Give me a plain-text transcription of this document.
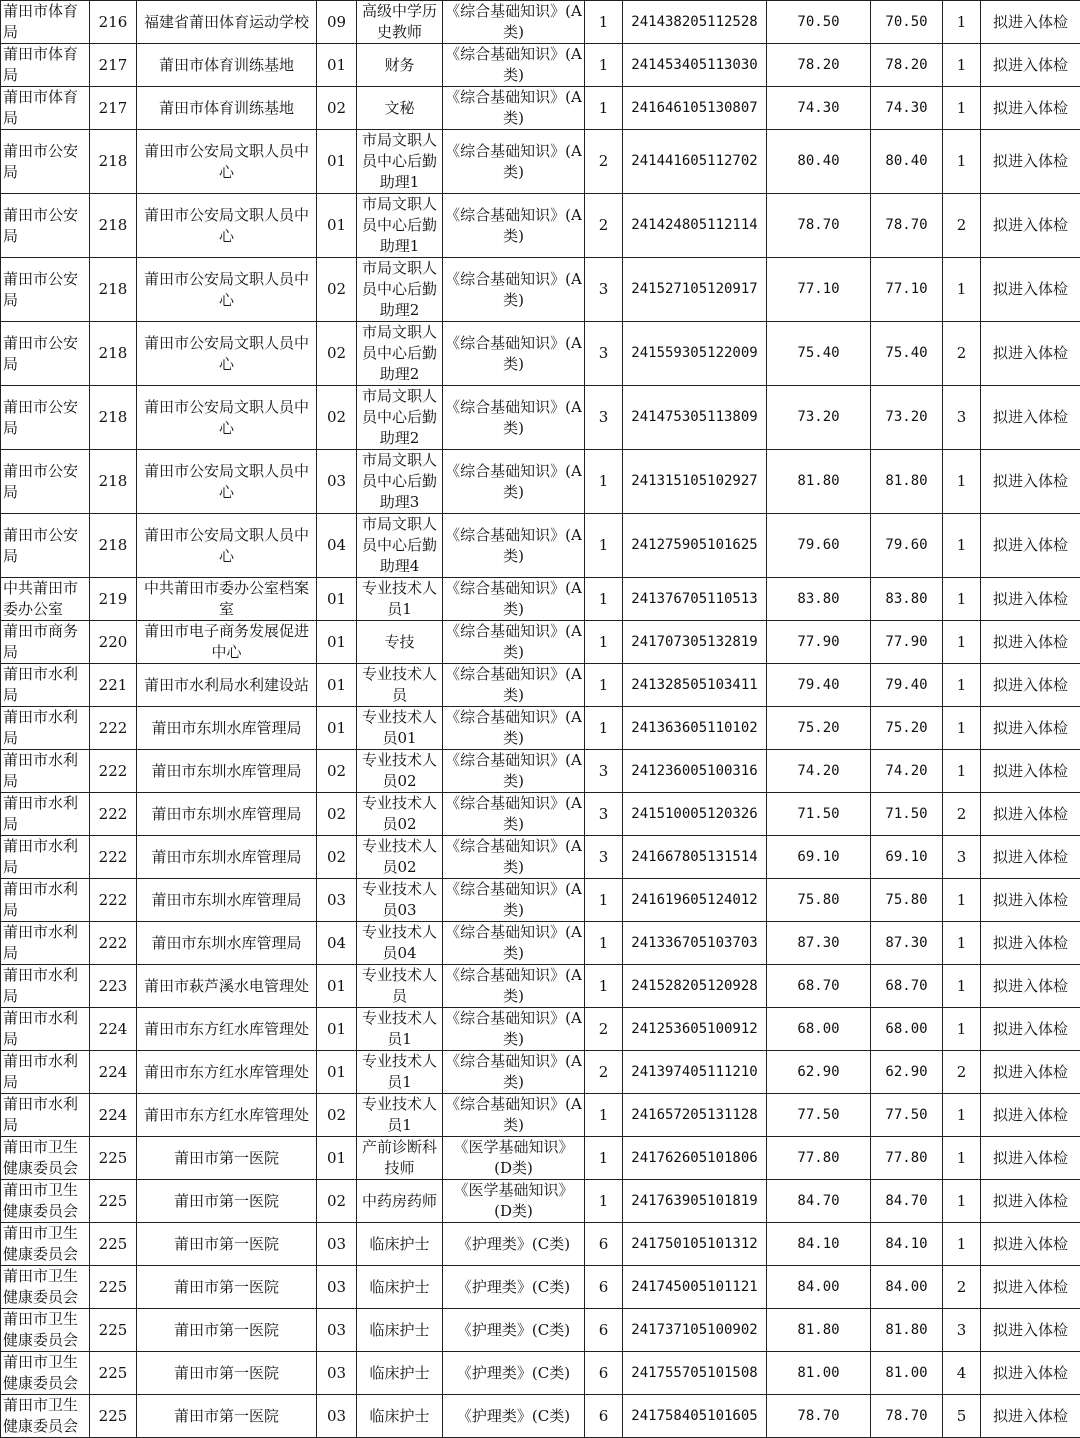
莆田市体育局	216	福建省莆田体育运动学校	09	高级中学历史教师	《综合基础知识》(A类)	1	241438205112528	70.50	70.50	1	拟进入体检
莆田市体育局	217	莆田市体育训练基地	01	财务	《综合基础知识》(A类)	1	241453405113030	78.20	78.20	1	拟进入体检
莆田市体育局	217	莆田市体育训练基地	02	文秘	《综合基础知识》(A类)	1	241646105130807	74.30	74.30	1	拟进入体检
莆田市公安局	218	莆田市公安局文职人员中心	01	市局文职人员中心后勤助理1	《综合基础知识》(A类)	2	241441605112702	80.40	80.40	1	拟进入体检
莆田市公安局	218	莆田市公安局文职人员中心	01	市局文职人员中心后勤助理1	《综合基础知识》(A类)	2	241424805112114	78.70	78.70	2	拟进入体检
莆田市公安局	218	莆田市公安局文职人员中心	02	市局文职人员中心后勤助理2	《综合基础知识》(A类)	3	241527105120917	77.10	77.10	1	拟进入体检
莆田市公安局	218	莆田市公安局文职人员中心	02	市局文职人员中心后勤助理2	《综合基础知识》(A类)	3	241559305122009	75.40	75.40	2	拟进入体检
莆田市公安局	218	莆田市公安局文职人员中心	02	市局文职人员中心后勤助理2	《综合基础知识》(A类)	3	241475305113809	73.20	73.20	3	拟进入体检
莆田市公安局	218	莆田市公安局文职人员中心	03	市局文职人员中心后勤助理3	《综合基础知识》(A类)	1	241315105102927	81.80	81.80	1	拟进入体检
莆田市公安局	218	莆田市公安局文职人员中心	04	市局文职人员中心后勤助理4	《综合基础知识》(A类)	1	241275905101625	79.60	79.60	1	拟进入体检
中共莆田市委办公室	219	中共莆田市委办公室档案室	01	专业技术人员1	《综合基础知识》(A类)	1	241376705110513	83.80	83.80	1	拟进入体检
莆田市商务局	220	莆田市电子商务发展促进中心	01	专技	《综合基础知识》(A类)	1	241707305132819	77.90	77.90	1	拟进入体检
莆田市水利局	221	莆田市水利局水利建设站	01	专业技术人员	《综合基础知识》(A类)	1	241328505103411	79.40	79.40	1	拟进入体检
莆田市水利局	222	莆田市东圳水库管理局	01	专业技术人员01	《综合基础知识》(A类)	1	241363605110102	75.20	75.20	1	拟进入体检
莆田市水利局	222	莆田市东圳水库管理局	02	专业技术人员02	《综合基础知识》(A类)	3	241236005100316	74.20	74.20	1	拟进入体检
莆田市水利局	222	莆田市东圳水库管理局	02	专业技术人员02	《综合基础知识》(A类)	3	241510005120326	71.50	71.50	2	拟进入体检
莆田市水利局	222	莆田市东圳水库管理局	02	专业技术人员02	《综合基础知识》(A类)	3	241667805131514	69.10	69.10	3	拟进入体检
莆田市水利局	222	莆田市东圳水库管理局	03	专业技术人员03	《综合基础知识》(A类)	1	241619605124012	75.80	75.80	1	拟进入体检
莆田市水利局	222	莆田市东圳水库管理局	04	专业技术人员04	《综合基础知识》(A类)	1	241336705103703	87.30	87.30	1	拟进入体检
莆田市水利局	223	莆田市萩芦溪水电管理处	01	专业技术人员	《综合基础知识》(A类)	1	241528205120928	68.70	68.70	1	拟进入体检
莆田市水利局	224	莆田市东方红水库管理处	01	专业技术人员1	《综合基础知识》(A类)	2	241253605100912	68.00	68.00	1	拟进入体检
莆田市水利局	224	莆田市东方红水库管理处	01	专业技术人员1	《综合基础知识》(A类)	2	241397405111210	62.90	62.90	2	拟进入体检
莆田市水利局	224	莆田市东方红水库管理处	02	专业技术人员1	《综合基础知识》(A类)	1	241657205131128	77.50	77.50	1	拟进入体检
莆田市卫生健康委员会	225	莆田市第一医院	01	产前诊断科技师	《医学基础知识》(D类)	1	241762605101806	77.80	77.80	1	拟进入体检
莆田市卫生健康委员会	225	莆田市第一医院	02	中药房药师	《医学基础知识》(D类)	1	241763905101819	84.70	84.70	1	拟进入体检
莆田市卫生健康委员会	225	莆田市第一医院	03	临床护士	《护理类》(C类)	6	241750105101312	84.10	84.10	1	拟进入体检
莆田市卫生健康委员会	225	莆田市第一医院	03	临床护士	《护理类》(C类)	6	241745005101121	84.00	84.00	2	拟进入体检
莆田市卫生健康委员会	225	莆田市第一医院	03	临床护士	《护理类》(C类)	6	241737105100902	81.80	81.80	3	拟进入体检
莆田市卫生健康委员会	225	莆田市第一医院	03	临床护士	《护理类》(C类)	6	241755705101508	81.00	81.00	4	拟进入体检
莆田市卫生健康委员会	225	莆田市第一医院	03	临床护士	《护理类》(C类)	6	241758405101605	78.70	78.70	5	拟进入体检
